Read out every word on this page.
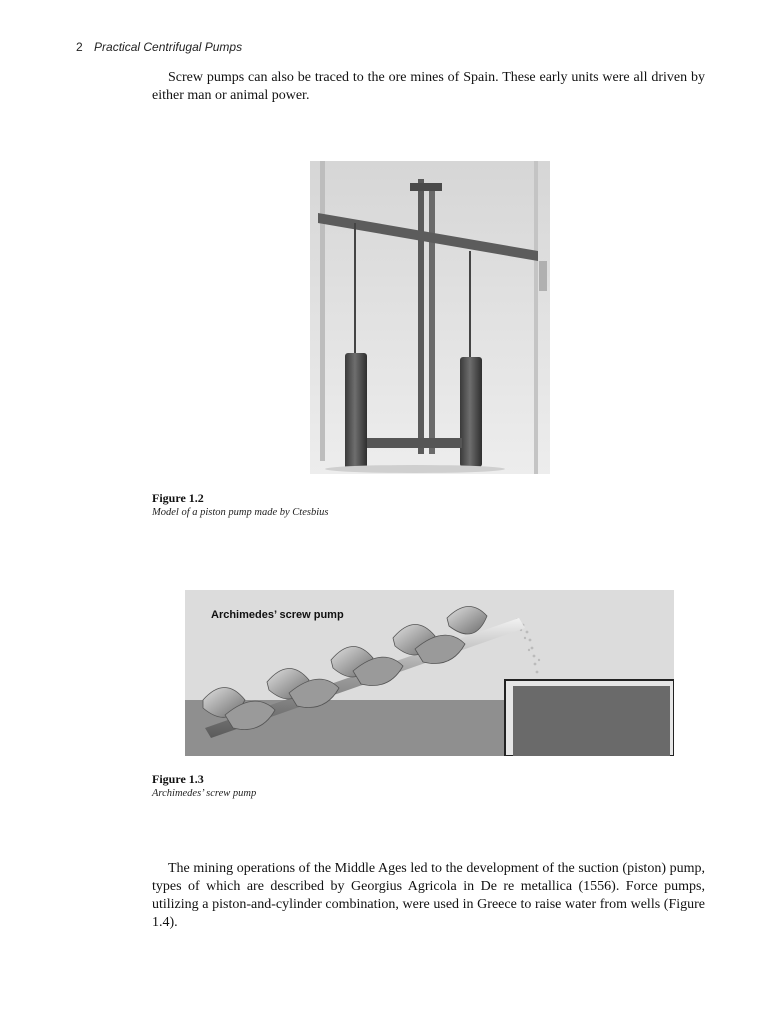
2 Practical Centrifugal Pumps

Screw pumps can also be traced to the ore mines of Spain. These early units were all driven by either man or animal power.

Figure 1.2
Model of a piston pump made by Ctesbius
Archimedes’ screw pump
Figure 1.3
Archimedes’ screw pump

The mining operations of the Middle Ages led to the development of the suction (piston) pump, types of which are described by Georgius Agricola in De re metallica (1556). Force pumps, utilizing a piston-and-cylinder combination, were used in Greece to raise water from wells (Figure 1.4).
